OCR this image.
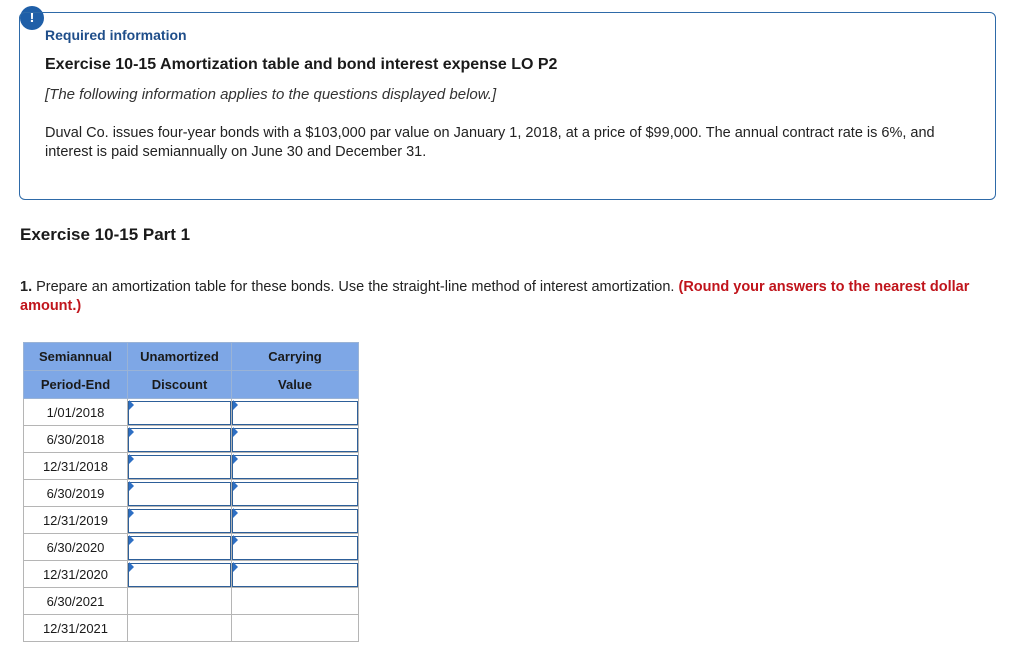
!
Required information
Exercise 10-15 Amortization table and bond interest expense LO P2
[The following information applies to the questions displayed below.]
Duval Co. issues four-year bonds with a $103,000 par value on January 1, 2018, at a price of $99,000. The annual contract rate is 6%, and interest is paid semiannually on June 30 and December 31.
Exercise 10-15 Part 1
1. Prepare an amortization table for these bonds. Use the straight-line method of interest amortization. (Round your answers to the nearest dollar amount.)
Semiannual	Unamortized	Carrying
Period-End	Discount	Value
1/01/2018	

6/30/2018	

12/31/2018	

6/30/2019	

12/31/2019	

6/30/2020	

12/31/2020	

6/30/2021		
12/31/2021		
